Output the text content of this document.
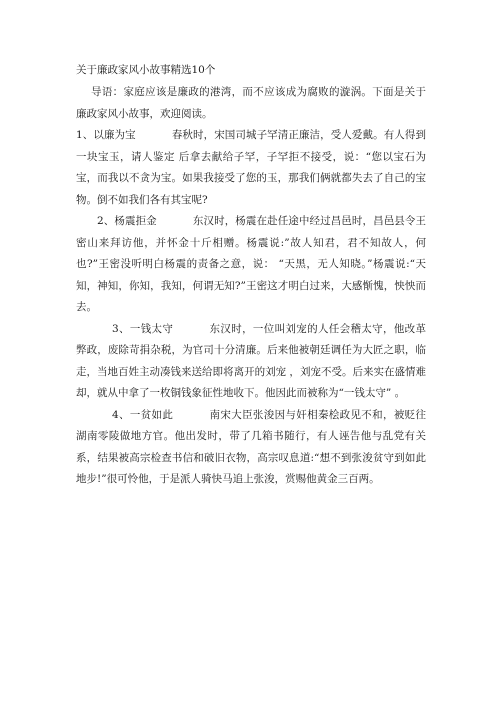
关于廉政家风小故事精选10个

导语：家庭应该是廉政的港湾，而不应该成为腐败的漩涡。下面是关于廉政家风小故事，欢迎阅读。

1、以廉为宝	春秋时，宋国司城子罕清正廉洁，受人爱戴。有人得到一块宝玉，请人鉴定 后拿去献给子罕，子罕拒不接受，说：“您以宝石为宝，而我以不贪为宝。如果我接受了您的玉，那我们俩就都失去了自己的宝物。倒不如我们各有其宝呢?

2、杨震拒金	东汉时，杨震在赴任途中经过昌邑时，昌邑县令王密山来拜访他，并怀金十斤相赠。杨震说:”故人知君，君不知故人，何也?”王密没听明白杨震的责备之意，说： “天黑，无人知晓。”杨震说:“天知，神知，你知，我知，何谓无知?”王密这才明白过来，大感惭愧，怏怏而去。

3、一钱太守	东汉时，一位叫刘宠的人任会稽太守，他改革弊政，废除苛捐杂税，为官司十分清廉。后来他被朝廷调任为大匠之职，临走，当地百姓主动凑钱来送给即将离开的刘宠 ，刘宠不受。后来实在盛情难却，就从中拿了一枚铜钱象征性地收下。他因此而被称为“一钱太守” 。

4、一贫如此	南宋大臣张浚因与奸相秦桧政见不和，被贬往湖南零陵做地方官。他出发时，带了几箱书随行，有人诬告他与乱党有关系，结果被高宗检查书信和破旧衣物，高宗叹息道:“想不到张浚贫守到如此地步!”很可怜他，于是派人骑快马追上张浚，赏赐他黄金三百两。
